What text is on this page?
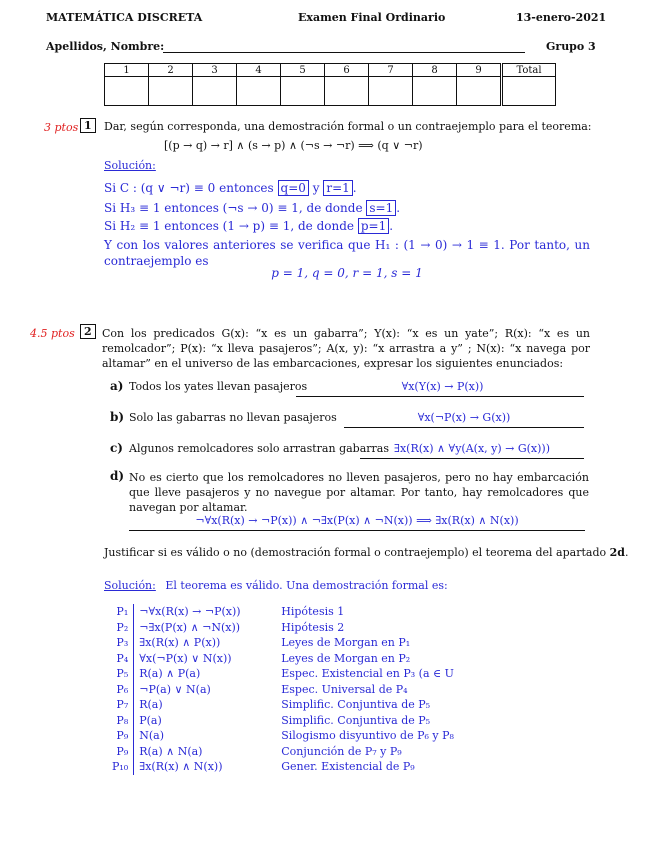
MATEMÁTICA DISCRETA	Examen Final Ordinario	13-enero-2021
Apellidos, Nombre:	Grupo 3
1	2	3	4	5	6	7	8	9	Total

3 ptos 1	Dar, según corresponda, una demostración formal o un contraejemplo para el teorema:
[(p → q) → r] ∧ (s → p) ∧ (¬s → ¬r) ⟹ (q ∨ ¬r)
Solución:
Si C : (q ∨ ¬r) ≡ 0 entonces q=0 y r=1 .
Si H₃ ≡ 1 entonces (¬s → 0) ≡ 1, de donde s=1 .
Si H₂ ≡ 1 entonces (1 → p) ≡ 1, de donde p=1 .
Y con los valores anteriores se verifica que H₁ : (1 → 0) → 1 ≡ 1. Por tanto, un contraejemplo es
p = 1, q = 0, r = 1, s = 1
4.5 ptos 2 Con los predicados G(x): “x es un gabarra”; Y(x): “x es un yate”; R(x): “x es un remolcador”; P(x): “x lleva pasajeros”; A(x, y): “x arrastra a y” ; N(x): “x navega por altamar” en el universo de las embarcaciones, expresar los siguientes enunciados:
a) Todos los yates llevan pasajeros	∀x(Y(x) → P(x))
b) Solo las gabarras no llevan pasajeros	∀x(¬P(x) → G(x))
c) Algunos remolcadores solo arrastran gabarras ∃x(R(x) ∧ ∀y(A(x, y) → G(x)))
d) No es cierto que los remolcadores no lleven pasajeros, pero no hay embarcación que lleve pasajeros y no navegue por altamar. Por tanto, hay remolcadores que navegan por altamar.
¬∀x(R(x) → ¬P(x)) ∧ ¬∃x(P(x) ∧ ¬N(x)) ⟹ ∃x(R(x) ∧ N(x))
Justificar si es válido o no (demostración formal o contraejemplo) el teorema del apartado 2d.
Solución: El teorema es válido. Una demostración formal es:
P₁	¬∀x(R(x) → ¬P(x))	Hipótesis 1
P₂	¬∃x(P(x) ∧ ¬N(x))	Hipótesis 2
P₃	∃x(R(x) ∧ P(x))	Leyes de Morgan en P₁
P₄	∀x(¬P(x) ∨ N(x))	Leyes de Morgan en P₂
P₅	R(a) ∧ P(a)	Espec. Existencial en P₃ (a ∈ U
P₆	¬P(a) ∨ N(a)	Espec. Universal de P₄
P₇	R(a)	Simplific. Conjuntiva de P₅
P₈	P(a)	Simplific. Conjuntiva de P₅
P₉	N(a)	Silogismo disyuntivo de P₆ y P₈
P₉	R(a) ∧ N(a)	Conjunción de P₇ y P₉
P₁₀	∃x(R(x) ∧ N(x))	Gener. Existencial de P₉
